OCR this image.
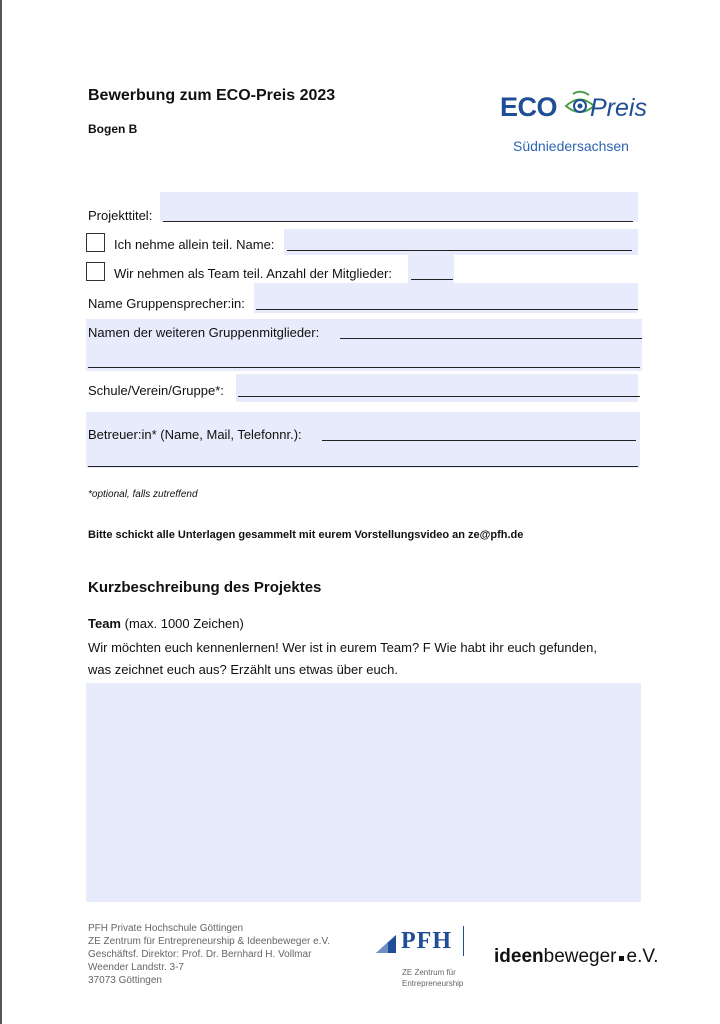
Bewerbung zum ECO-Preis 2023
Bogen B
ECO Preis
Südniedersachsen
Projekttitel:
Ich nehme allein teil. Name:
Wir nehmen als Team teil. Anzahl der Mitglieder:
Name Gruppensprecher:in:
Namen der weiteren Gruppenmitglieder:
Schule/Verein/Gruppe*:
Betreuer:in* (Name, Mail, Telefonnr.):
*optional, falls zutreffend
Bitte schickt alle Unterlagen gesammelt mit eurem Vorstellungsvideo an ze@pfh.de
Kurzbeschreibung des Projektes
Team (max. 1000 Zeichen)
Wir möchten euch kennenlernen! Wer ist in eurem Team? F Wie habt ihr euch gefunden,
was zeichnet euch aus? Erzählt uns etwas über euch.
PFH Private Hochschule Göttingen
ZE Zentrum für Entrepreneurship & Ideenbeweger e.V.
Geschäftsf. Direktor: Prof. Dr. Bernhard H. Vollmar
Weender Landstr. 3-7
37073 Göttingen
PFH
ZE Zentrum für
Entrepreneurship
ideenbeweger e.V.
